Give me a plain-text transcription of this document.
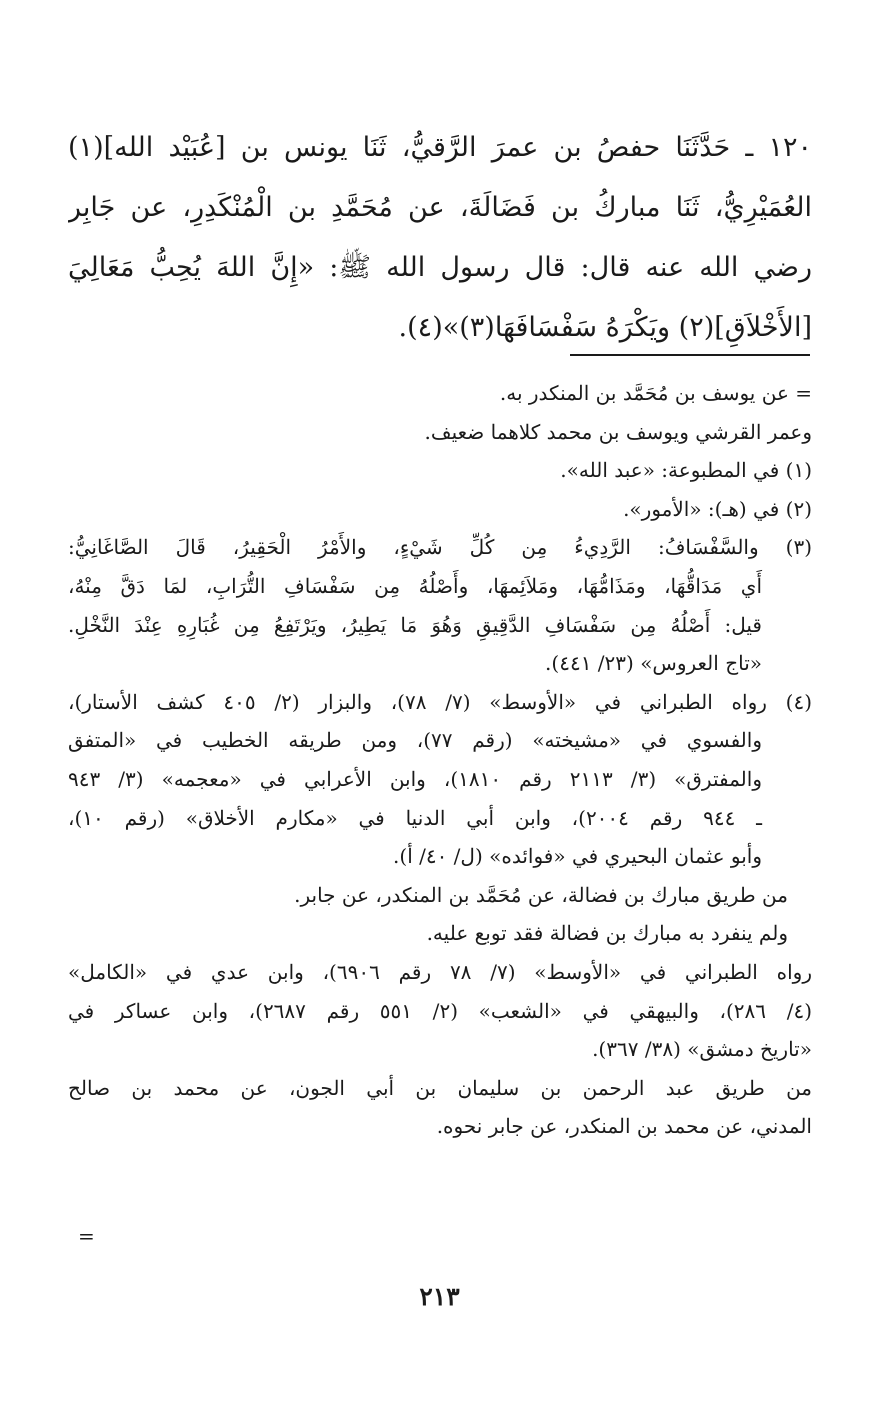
١٢٠ ـ حَدَّثَنَا حفصُ بن عمرَ الرَّقيُّ، ثَنَا يونس بن [عُبَيْد الله](١)
العُمَيْرِيُّ، ثَنَا مباركُ بن فَضَالَةَ، عن مُحَمَّدِ بن الْمُنْكَدِرِ، عن جَابِر
رضي الله عنه قال: قال رسول الله ﷺ: «إِنَّ اللهَ يُحِبُّ مَعَالِيَ
[الأَخْلاَقِ](٢) ويَكْرَهُ سَفْسَافَهَا(٣)»(٤).
= عن يوسف بن مُحَمَّد بن المنكدر به.
وعمر القرشي ويوسف بن محمد كلاهما ضعيف.
(١) في المطبوعة: «عبد الله».
(٢) في (هـ): «الأمور».
(٣) والسَّفْسَافُ: الرَّدِيءُ مِن كُلِّ شَيْءٍ، والأَمْرُ الْحَقِيرُ، قَالَ الصَّاغَانِيُّ:
أَي مَدَاقُّهَا، ومَذَامُّهَا، ومَلاَئِمهَا، وأَصْلُهُ مِن سَفْسَافِ التُّرَابِ، لمَا دَقَّ مِنْهُ،
قيل: أَصْلُهُ مِن سَفْسَافِ الدَّقِيقِ وَهُوَ مَا يَطِيرُ، ويَرْتَفِعُ مِن غُبَارِهِ عِنْدَ النَّخْلِ.
«تاج العروس» (٢٣/ ٤٤١).
(٤) رواه الطبراني في «الأوسط» (٧/ ٧٨)، والبزار (٢/ ٤٠٥ كشف الأستار)،
والفسوي في «مشيخته» (رقم ٧٧)، ومن طريقه الخطيب في «المتفق
والمفترق» (٣/ ٢١١٣ رقم ١٨١٠)، وابن الأعرابي في «معجمه» (٣/ ٩٤٣
ـ ٩٤٤ رقم ٢٠٠٤)، وابن أبي الدنيا في «مكارم الأخلاق» (رقم ١٠)،
وأبو عثمان البحيري في «فوائده» (ل/ ٤٠/ أ).
من طريق مبارك بن فضالة، عن مُحَمَّد بن المنكدر، عن جابر.
ولم ينفرد به مبارك بن فضالة فقد توبع عليه.
رواه الطبراني في «الأوسط» (٧/ ٧٨ رقم ٦٩٠٦)، وابن عدي في «الكامل»
(٤/ ٢٨٦)، والبيهقي في «الشعب» (٢/ ٥٥١ رقم ٢٦٨٧)، وابن عساكر في
«تاريخ دمشق» (٣٨/ ٣٦٧).
من طريق عبد الرحمن بن سليمان بن أبي الجون، عن محمد بن صالح
المدني، عن محمد بن المنكدر، عن جابر نحوه.
=
٢١٣
